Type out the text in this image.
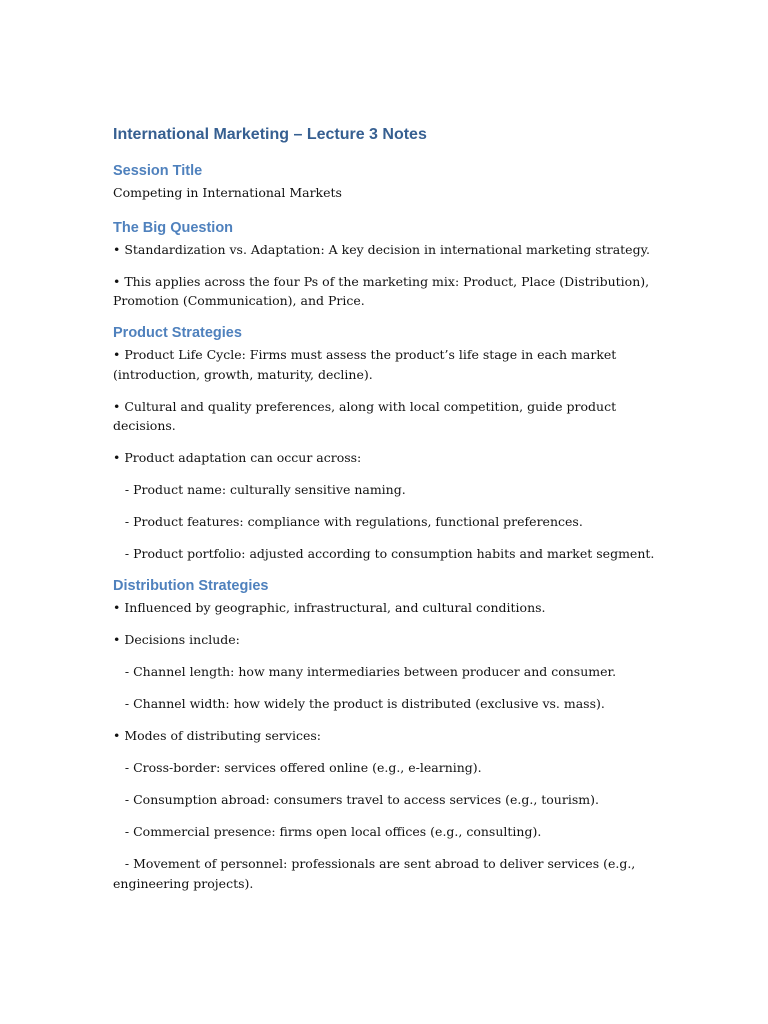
International Marketing – Lecture 3 Notes
Session Title

Competing in International Markets

The Big Question

• Standardization vs. Adaptation: A key decision in international marketing strategy.

• This applies across the four Ps of the marketing mix: Product, Place (Distribution), Promotion (Communication), and Price.

Product Strategies

• Product Life Cycle: Firms must assess the product’s life stage in each market (introduction, growth, maturity, decline).

• Cultural and quality preferences, along with local competition, guide product decisions.

• Product adaptation can occur across:

- Product name: culturally sensitive naming.

- Product features: compliance with regulations, functional preferences.

- Product portfolio: adjusted according to consumption habits and market segment.

Distribution Strategies

• Influenced by geographic, infrastructural, and cultural conditions.

• Decisions include:

- Channel length: how many intermediaries between producer and consumer.

- Channel width: how widely the product is distributed (exclusive vs. mass).

• Modes of distributing services:

- Cross-border: services offered online (e.g., e-learning).

- Consumption abroad: consumers travel to access services (e.g., tourism).

- Commercial presence: firms open local offices (e.g., consulting).

- Movement of personnel: professionals are sent abroad to deliver services (e.g., engineering projects).
